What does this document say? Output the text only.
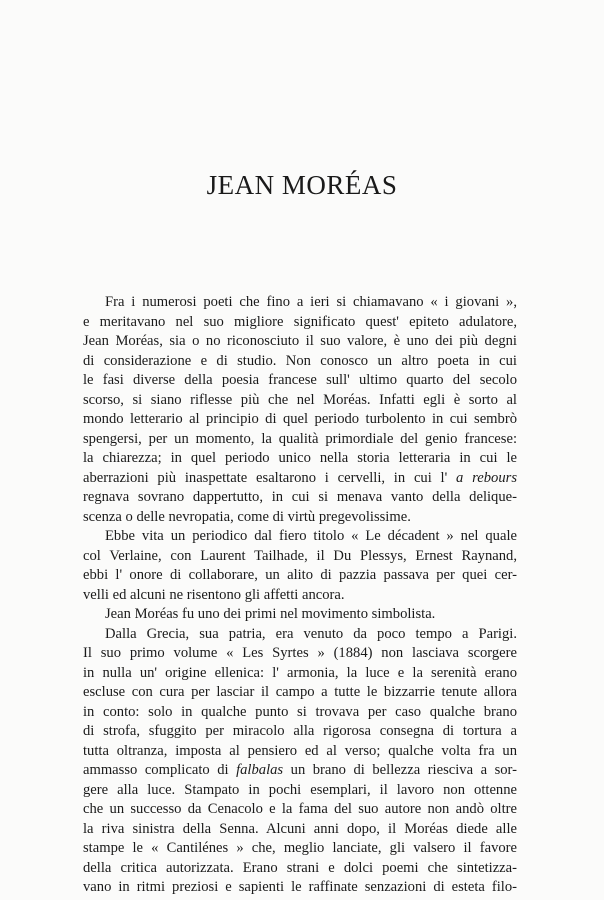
JEAN MORÉAS
Fra i numerosi poeti che fino a ieri si chiamavano « i giovani »,
e meritavano nel suo migliore significato quest' epiteto adulatore,
Jean Moréas, sia o no riconosciuto il suo valore, è uno dei più degni
di considerazione e di studio. Non conosco un altro poeta in cui
le fasi diverse della poesia francese sull' ultimo quarto del secolo
scorso, si siano riflesse più che nel Moréas. Infatti egli è sorto al
mondo letterario al principio di quel periodo turbolento in cui sembrò
spengersi, per un momento, la qualità primordiale del genio francese:
la chiarezza; in quel periodo unico nella storia letteraria in cui le
aberrazioni più inaspettate esaltarono i cervelli, in cui l' a rebours
regnava sovrano dappertutto, in cui si menava vanto della delique-
scenza o delle nevropatia, come di virtù pregevolissime.
Ebbe vita un periodico dal fiero titolo « Le décadent » nel quale
col Verlaine, con Laurent Tailhade, il Du Plessys, Ernest Raynand,
ebbi l' onore di collaborare, un alito di pazzia passava per quei cer-
velli ed alcuni ne risentono gli affetti ancora.
Jean Moréas fu uno dei primi nel movimento simbolista.
Dalla Grecia, sua patria, era venuto da poco tempo a Parigi.
Il suo primo volume « Les Syrtes » (1884) non lasciava scorgere
in nulla un' origine ellenica: l' armonia, la luce e la serenità erano
escluse con cura per lasciar il campo a tutte le bizzarrie tenute allora
in conto: solo in qualche punto si trovava per caso qualche brano
di strofa, sfuggito per miracolo alla rigorosa consegna di tortura a
tutta oltranza, imposta al pensiero ed al verso; qualche volta fra un
ammasso complicato di falbalas un brano di bellezza riesciva a sor-
gere alla luce. Stampato in pochi esemplari, il lavoro non ottenne
che un successo da Cenacolo e la fama del suo autore non andò oltre
la riva sinistra della Senna. Alcuni anni dopo, il Moréas diede alle
stampe le « Cantilénes » che, meglio lanciate, gli valsero il favore
della critica autorizzata. Erano strani e dolci poemi che sintetizza-
vano in ritmi preziosi e sapienti le raffinate senzazioni di esteta filo-
